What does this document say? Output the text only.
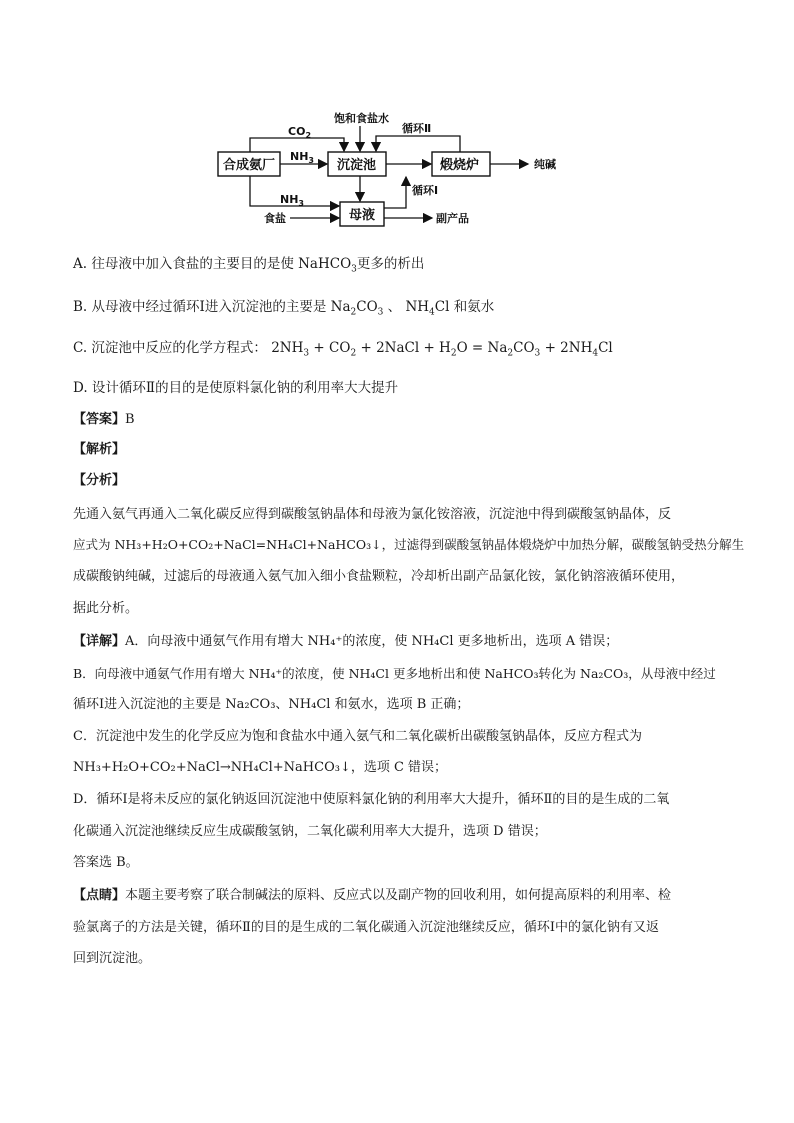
合成氨厂	沉淀池	煅烧炉
母液
$CO_2$
饱和食盐水
循环Ⅱ
$NH_3$	纯碱
$NH_3$
食盐
循环Ⅰ
副产品
A. 往母液中加入食盐的主要目的是使 NaHCO$_3$更多的析出
B. 从母液中经过循环Ⅰ进入沉淀池的主要是 $Na_2CO_3$ 、 $NH_4Cl$ 和氨水
C. 沉淀池中反应的化学方程式： $2NH_3 + CO_2$ + 2NaCl + $H_2O = Na_2CO_3 + 2NH_4Cl$
D. 设计循环Ⅱ的目的是使原料氯化钠的利用率大大提升
【答案】B
【解析】
【分析】
先通入氨气再通入二氧化碳反应得到碳酸氢钠晶体和母液为氯化铵溶液，沉淀池中得到碳酸氢钠晶体，反
应式为 NH₃+H₂O+CO₂+NaCl=NH₄Cl+NaHCO₃↓，过滤得到碳酸氢钠晶体煅烧炉中加热分解，碳酸氢钠受热分解生
成碳酸钠纯碱，过滤后的母液通入氨气加入细小食盐颗粒，冷却析出副产品氯化铵，氯化钠溶液循环使用，
据此分析。
【详解】A．向母液中通氨气作用有增大 NH₄⁺的浓度，使 NH₄Cl 更多地析出，选项 A 错误；
B．向母液中通氨气作用有增大 NH₄⁺的浓度，使 NH₄Cl 更多地析出和使 NaHCO₃转化为 Na₂CO₃，从母液中经过
循环Ⅰ进入沉淀池的主要是 Na₂CO₃、NH₄Cl 和氨水，选项 B 正确；
C．沉淀池中发生的化学反应为饱和食盐水中通入氨气和二氧化碳析出碳酸氢钠晶体，反应方程式为
NH₃+H₂O+CO₂+NaCl→NH₄Cl+NaHCO₃↓，选项 C 错误；
D．循环Ⅰ是将未反应的氯化钠返回沉淀池中使原料氯化钠的利用率大大提升，循环Ⅱ的目的是生成的二氧
化碳通入沉淀池继续反应生成碳酸氢钠，二氧化碳利用率大大提升，选项 D 错误；
答案选 B。
【点睛】本题主要考察了联合制碱法的原料、反应式以及副产物的回收利用，如何提高原料的利用率、检
验氯离子的方法是关键，循环Ⅱ的目的是生成的二氧化碳通入沉淀池继续反应，循环Ⅰ中的氯化钠有又返
回到沉淀池。
